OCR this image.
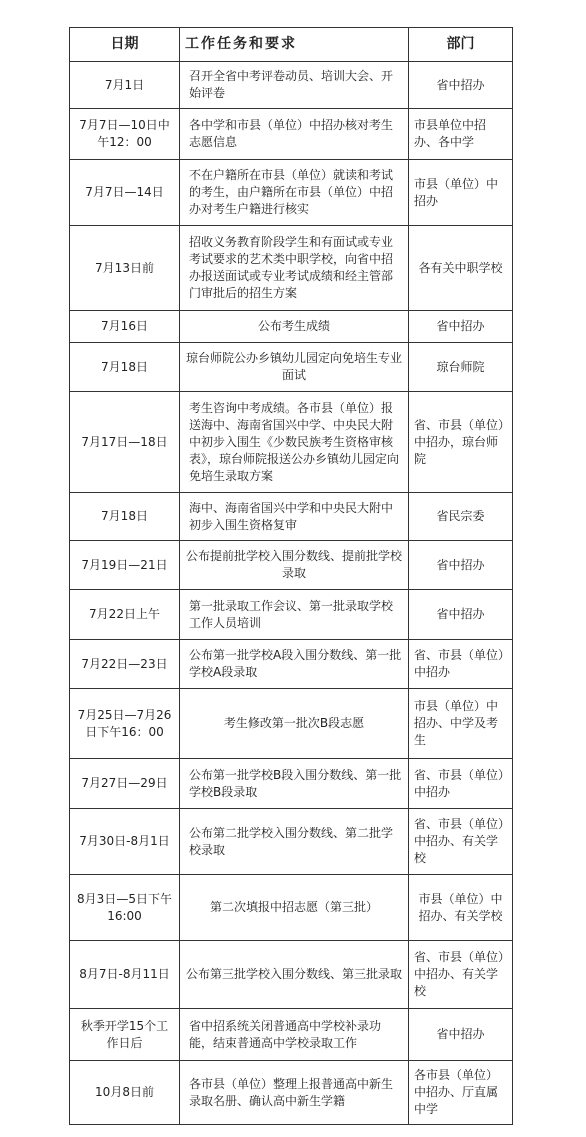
日期	工作任务和要求	部门
7月1日	召开全省中考评卷动员、培训大会、开始评卷	省中招办
7月7日—10日中午12：00	各中学和市县（单位）中招办核对考生志愿信息	市县单位中招办、各中学
7月7日—14日	不在户籍所在市县（单位）就读和考试的考生，由户籍所在市县（单位）中招办对考生户籍进行核实	市县（单位）中招办
7月13日前	招收义务教育阶段学生和有面试或专业考试要求的艺术类中职学校，向省中招办报送面试或专业考试成绩和经主管部门审批后的招生方案	各有关中职学校
7月16日	公布考生成绩	省中招办
7月18日	琼台师院公办乡镇幼儿园定向免培生专业面试	琼台师院
7月17日—18日	考生咨询中考成绩。各市县（单位）报送海中、海南省国兴中学、中央民大附中初步入围生《少数民族考生资格审核表》，琼台师院报送公办乡镇幼儿园定向免培生录取方案	省、市县（单位）中招办，琼台师院
7月18日	海中、海南省国兴中学和中央民大附中初步入围生资格复审	省民宗委
7月19日—21日	公布提前批学校入围分数线、提前批学校录取	省中招办
7月22日上午	第一批录取工作会议、第一批录取学校工作人员培训	省中招办
7月22日—23日	公布第一批学校A段入围分数线、第一批学校A段录取	省、市县（单位）中招办
7月25日—7月26日下午16：00	考生修改第一批次B段志愿	市县（单位）中招办、中学及考生
7月27日—29日	公布第一批学校B段入围分数线、第一批学校B段录取	省、市县（单位）中招办
7月30日-8月1日	公布第二批学校入围分数线、第二批学校录取	省、市县（单位）中招办、有关学校
8月3日—5日下午16:00	第二次填报中招志愿（第三批）	市县（单位）中招办、有关学校
8月7日-8月11日	公布第三批学校入围分数线、第三批录取	省、市县（单位）中招办、有关学校
秋季开学15个工作日后	省中招系统关闭普通高中学校补录功能，结束普通高中学校录取工作	省中招办
10月8日前	各市县（单位）整理上报普通高中新生录取名册、确认高中新生学籍	各市县（单位）中招办、厅直属中学
